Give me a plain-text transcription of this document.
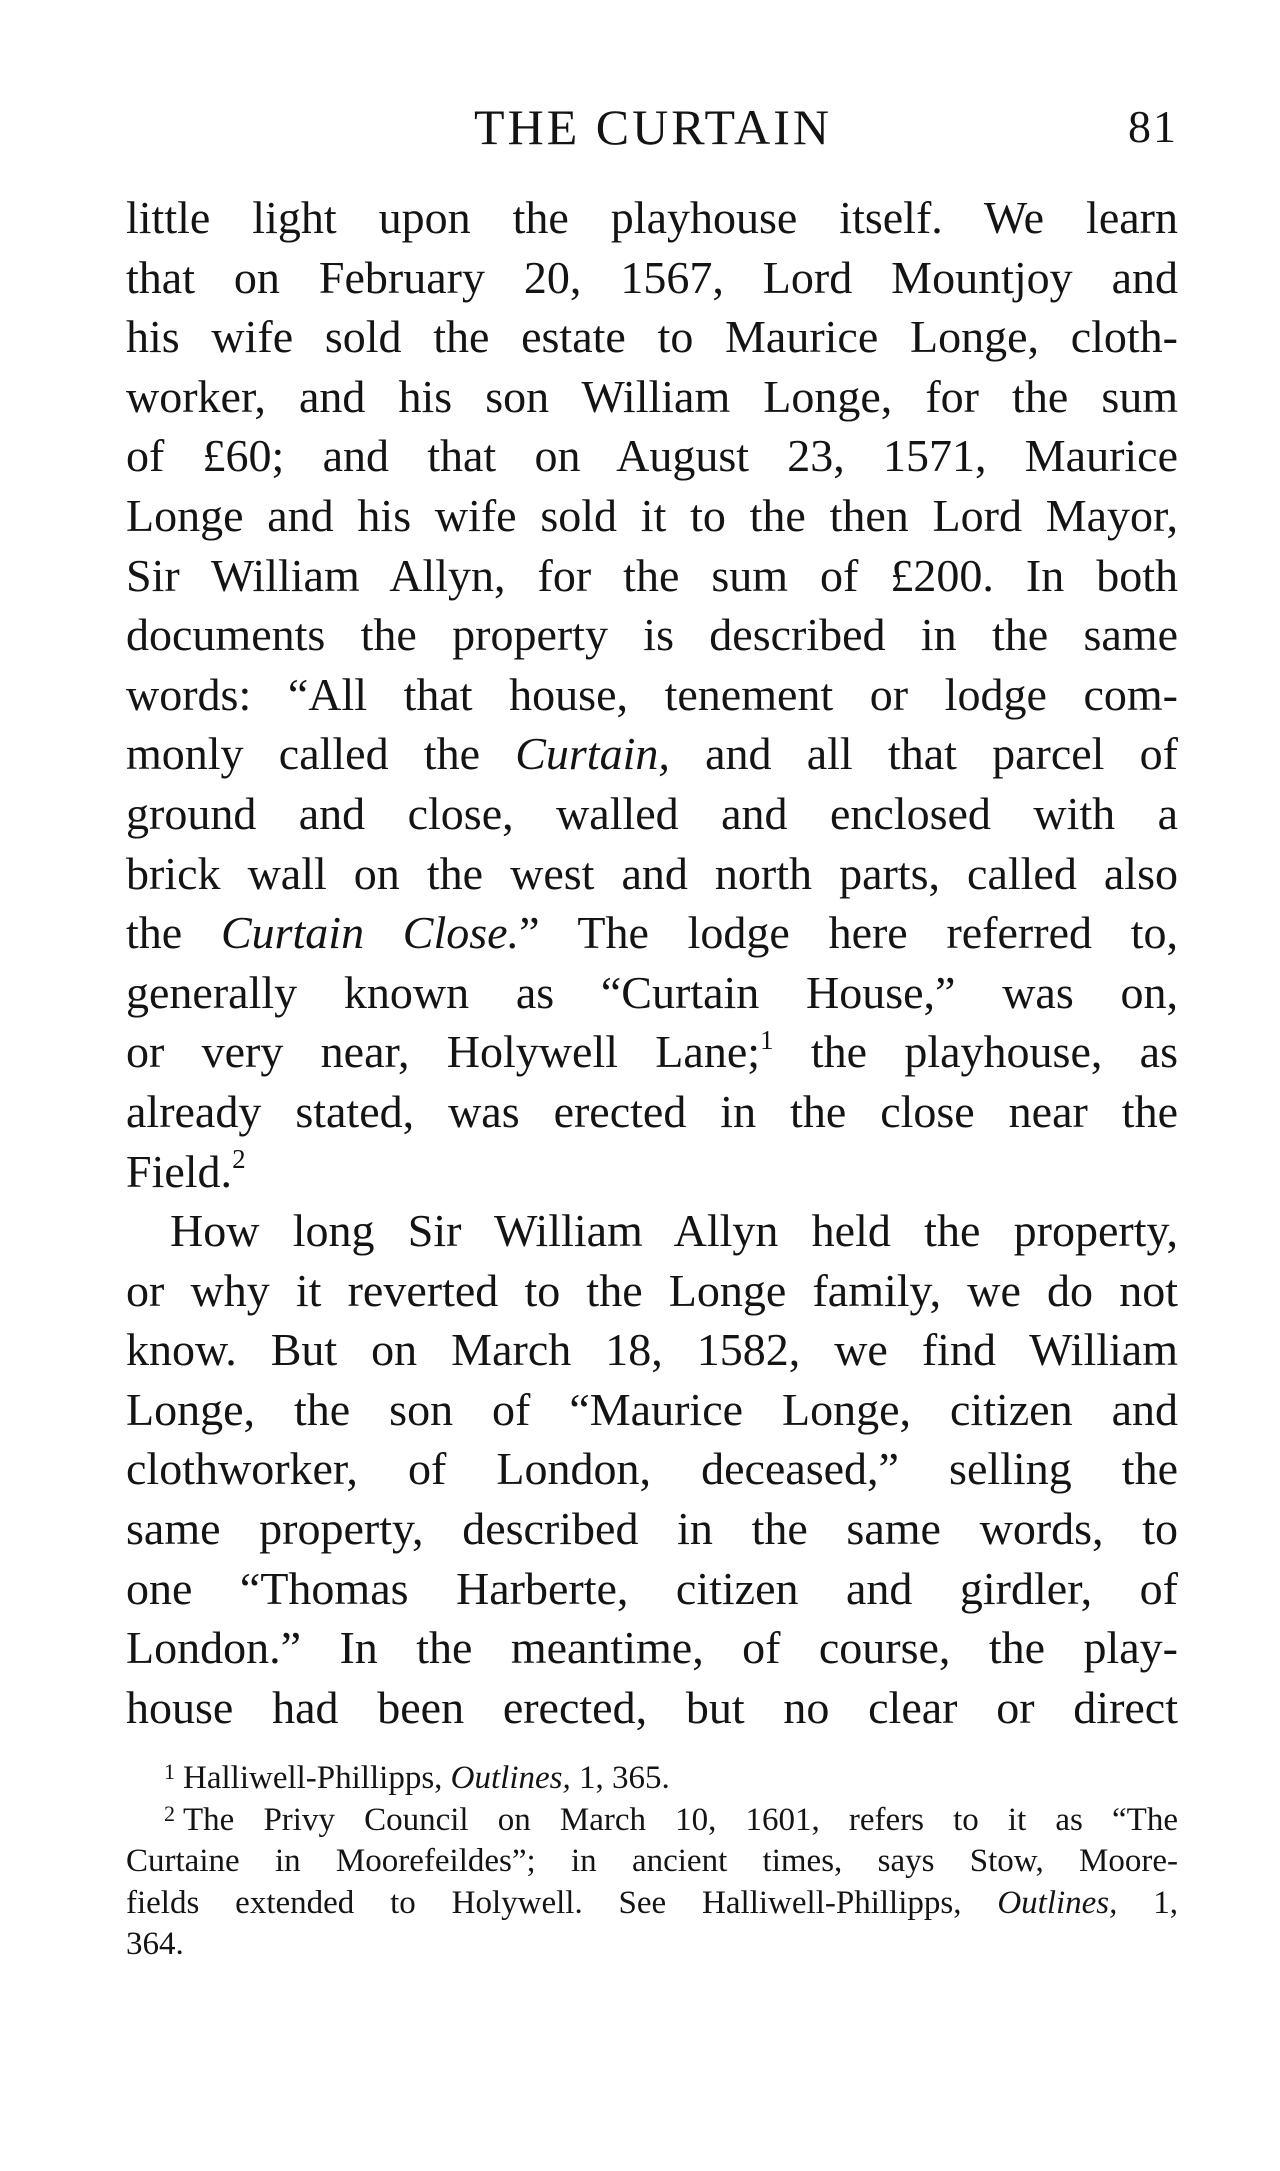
THE CURTAIN	81
little light upon the playhouse itself. We learn
that on February 20, 1567, Lord Mountjoy and
his wife sold the estate to Maurice Longe, cloth-
worker, and his son William Longe, for the sum
of £60; and that on August 23, 1571, Maurice
Longe and his wife sold it to the then Lord Mayor,
Sir William Allyn, for the sum of £200. In both
documents the property is described in the same
words: “All that house, tenement or lodge com-
monly called the Curtain, and all that parcel of
ground and close, walled and enclosed with a
brick wall on the west and north parts, called also
the Curtain Close.” The lodge here referred to,
generally known as “Curtain House,” was on,
or very near, Holywell Lane;$^1$ the playhouse, as
already stated, was erected in the close near the
Field.$^2$
How long Sir William Allyn held the property,
or why it reverted to the Longe family, we do not
know. But on March 18, 1582, we find William
Longe, the son of “Maurice Longe, citizen and
clothworker, of London, deceased,” selling the
same property, described in the same words, to
one “Thomas Harberte, citizen and girdler, of
London.” In the meantime, of course, the play-
house had been erected, but no clear or direct
$^1$ Halliwell-Phillipps, Outlines, 1, 365.
$^2$ The Privy Council on March 10, 1601, refers to it as “The
Curtaine in Moorefeildes”; in ancient times, says Stow, Moore-
fields extended to Holywell. See Halliwell-Phillipps, Outlines, 1,
364.
